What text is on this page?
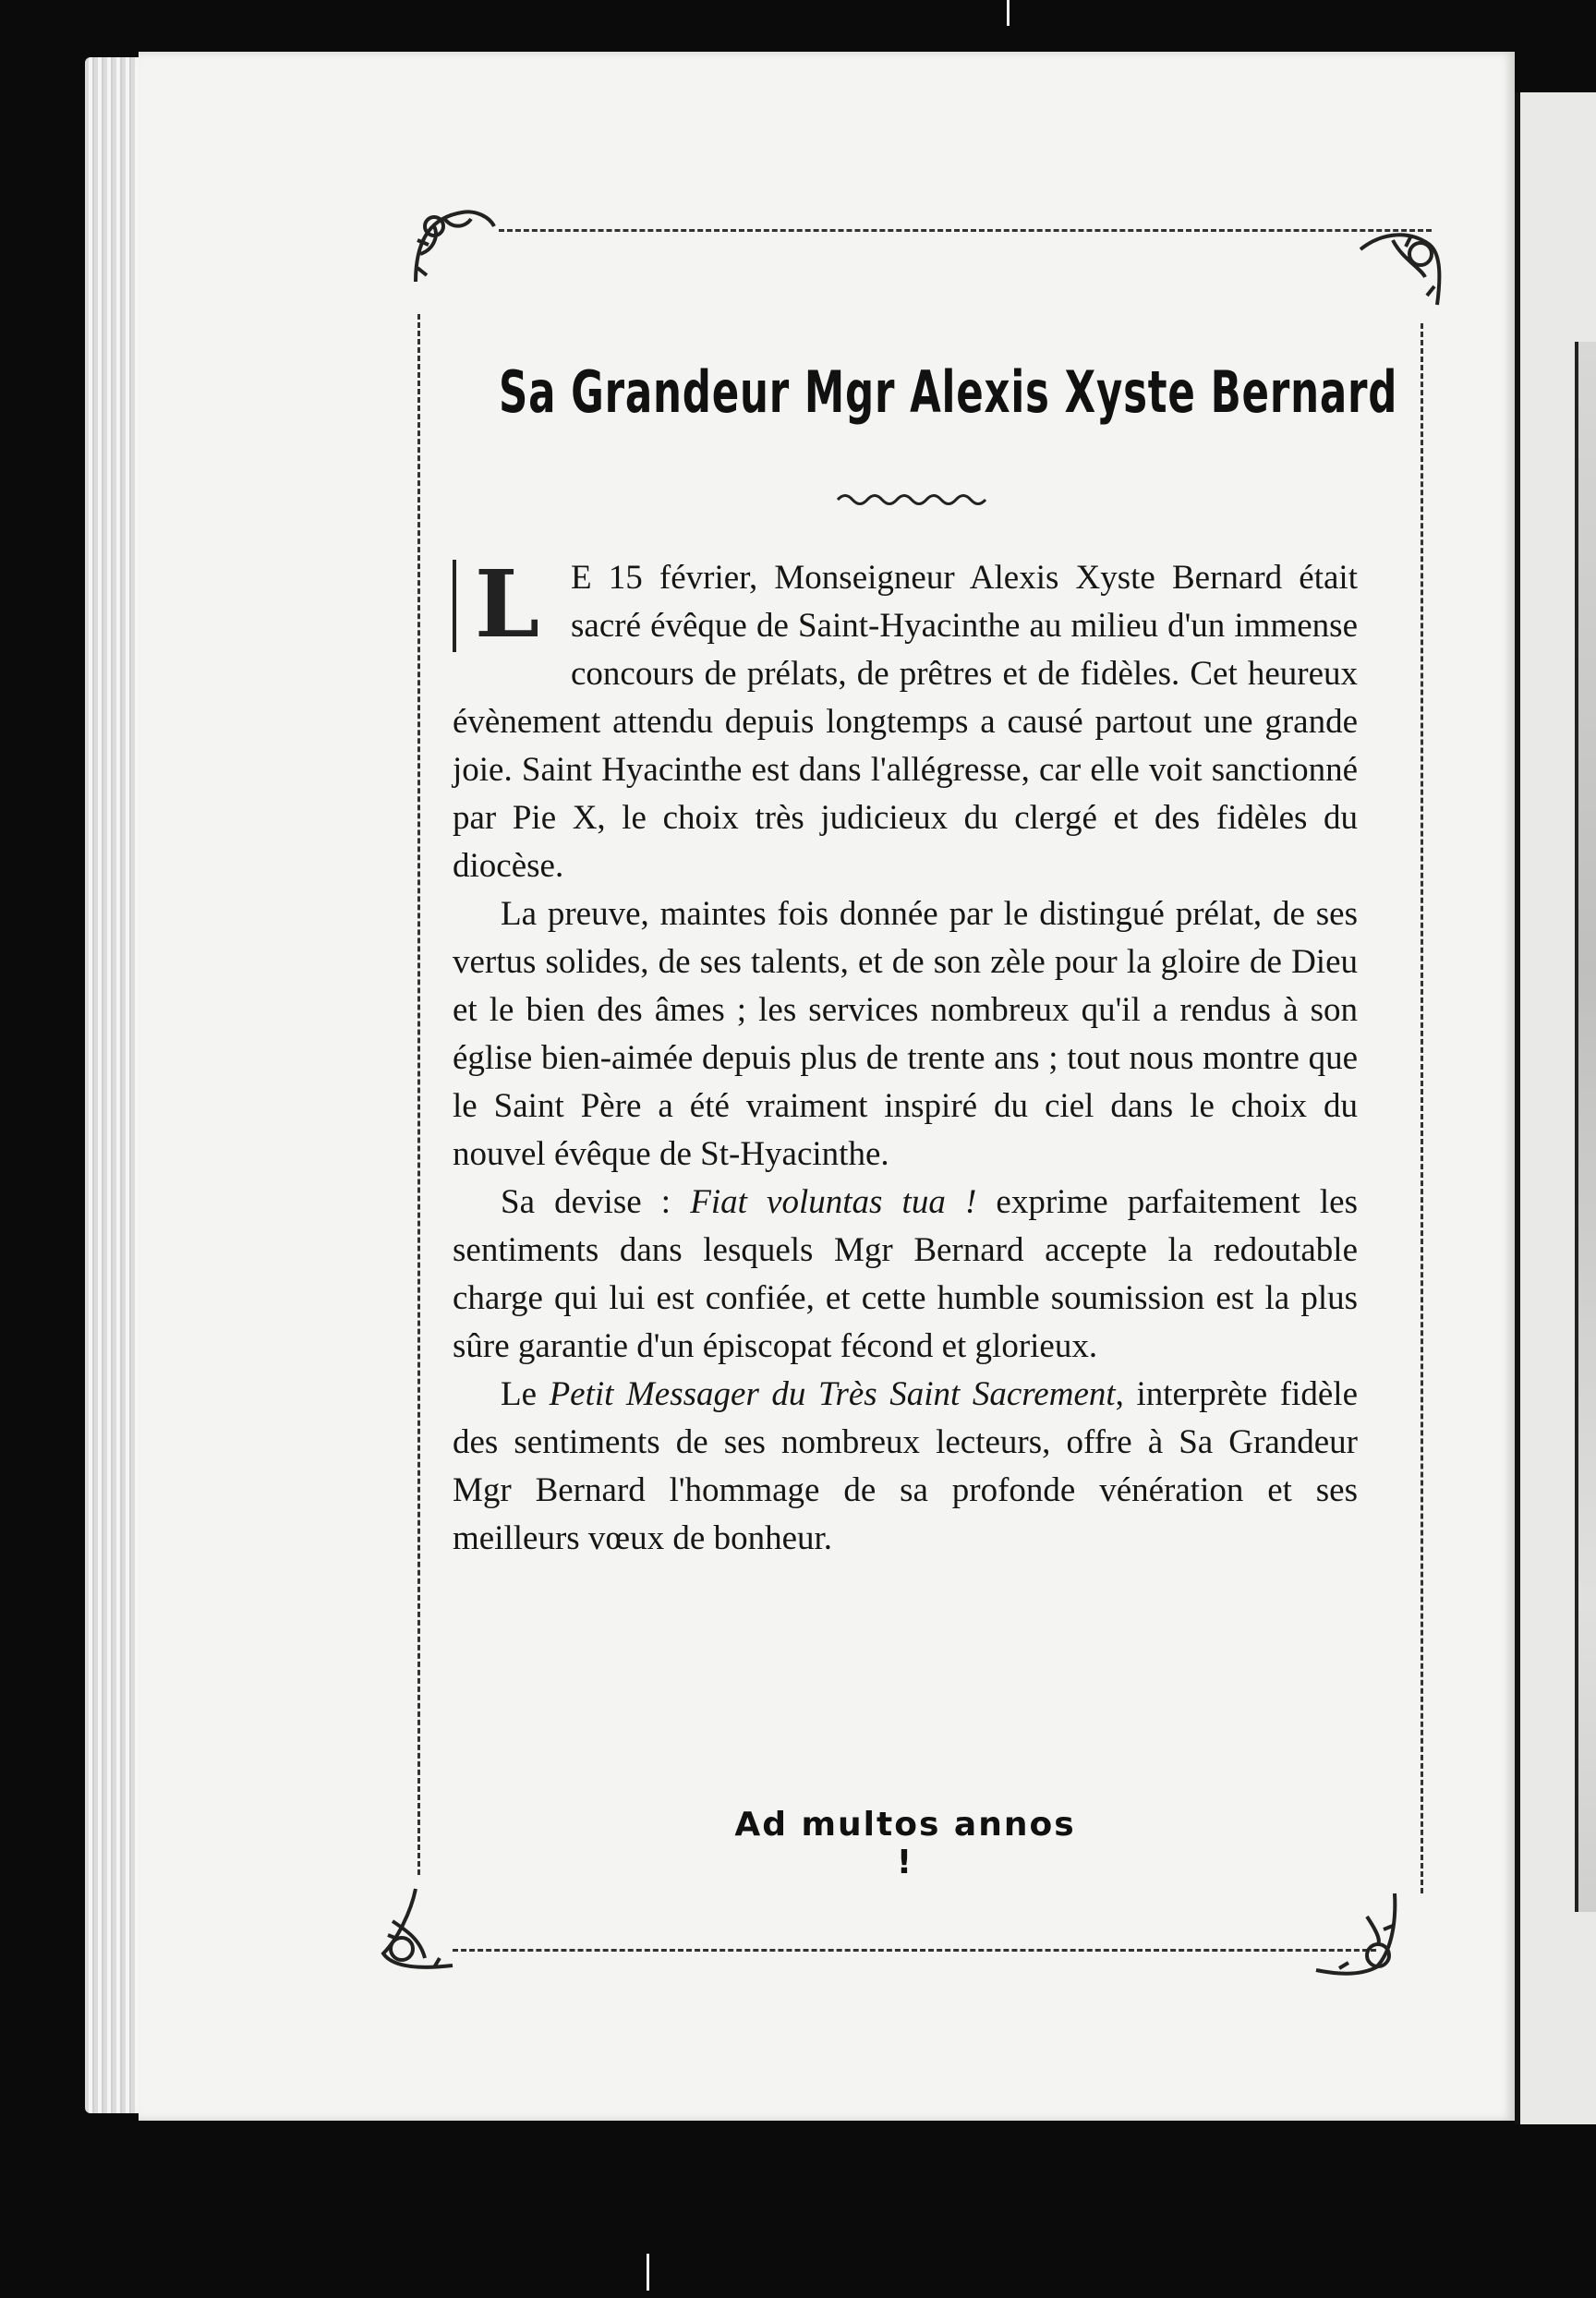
Sa Grandeur Mgr Alexis Xyste Bernard

L E 15 février, Monseigneur Alexis Xyste Bernard était sacré évêque de Saint-Hyacinthe au milieu d'un immense concours de prélats, de prêtres et de fidèles. Cet heureux évènement attendu depuis longtemps a causé partout une grande joie. Saint Hyacinthe est dans l'allégresse, car elle voit sanctionné par Pie X, le choix très judicieux du clergé et des fidèles du diocèse.

La preuve, maintes fois donnée par le distingué prélat, de ses vertus solides, de ses talents, et de son zèle pour la gloire de Dieu et le bien des âmes ; les services nombreux qu'il a rendus à son église bien-aimée depuis plus de trente ans ; tout nous montre que le Saint Père a été vraiment inspiré du ciel dans le choix du nouvel évêque de St-Hyacinthe.

Sa devise : Fiat voluntas tua ! exprime parfaitement les sentiments dans lesquels Mgr Bernard accepte la redoutable charge qui lui est confiée, et cette humble soumission est la plus sûre garantie d'un épiscopat fécond et glorieux.

Le Petit Messager du Très Saint Sacrement, interprète fidèle des sentiments de ses nombreux lecteurs, offre à Sa Grandeur Mgr Bernard l'hommage de sa profonde vénération et ses meilleurs vœux de bonheur.

Ad multos annos !
